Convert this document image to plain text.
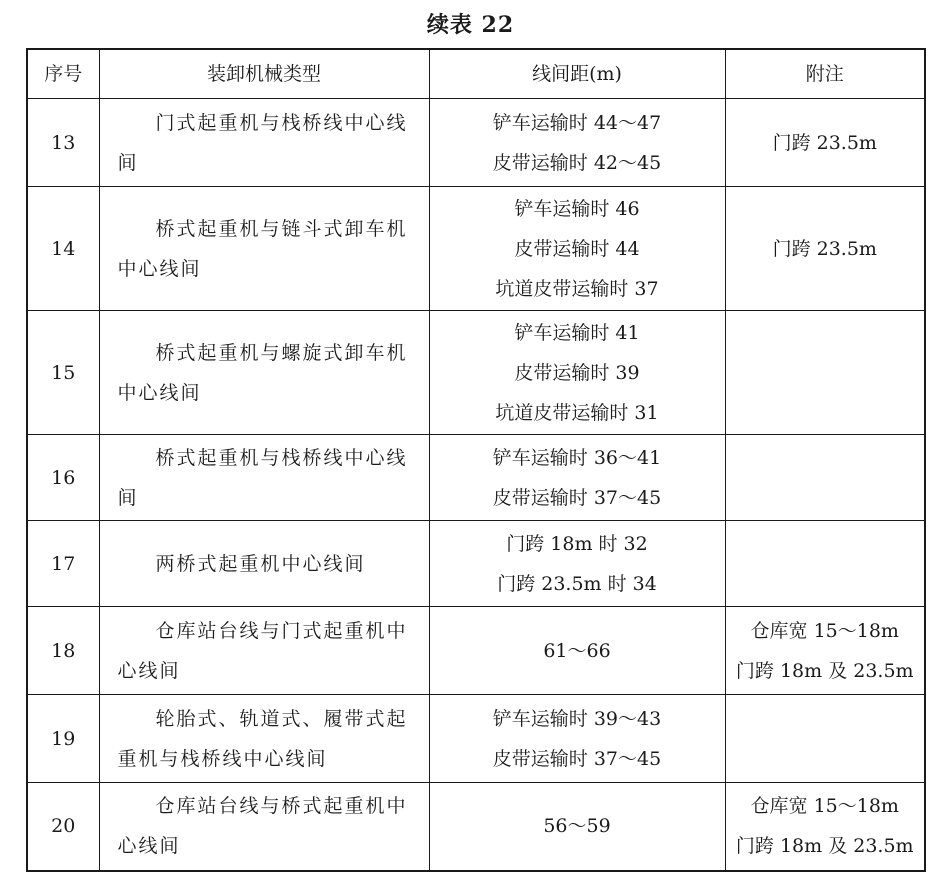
续表 22
序号	装卸机械类型	线间距(m)	附注
13	门式起重机与栈桥线中心线间	铲车运输时 44～47
皮带运输时 42～45	门跨 23.5m

14	桥式起重机与链斗式卸车机中心线间	铲车运输时 46
皮带运输时 44
坑道皮带运输时 37	门跨 23.5m

15	桥式起重机与螺旋式卸车机中心线间	铲车运输时 41
皮带运输时 39
坑道皮带运输时 31	

16	桥式起重机与栈桥线中心线间	铲车运输时 36～41
皮带运输时 37～45	

17	两桥式起重机中心线间	门跨 18m 时 32
门跨 23.5m 时 34	

18	仓库站台线与门式起重机中心线间	61～66	仓库宽 15～18m
门跨 18m 及 23.5m

19	轮胎式、轨道式、履带式起重机与栈桥线中心线间	铲车运输时 39～43
皮带运输时 37～45	

20	仓库站台线与桥式起重机中心线间	56～59	仓库宽 15～18m
门跨 18m 及 23.5m
